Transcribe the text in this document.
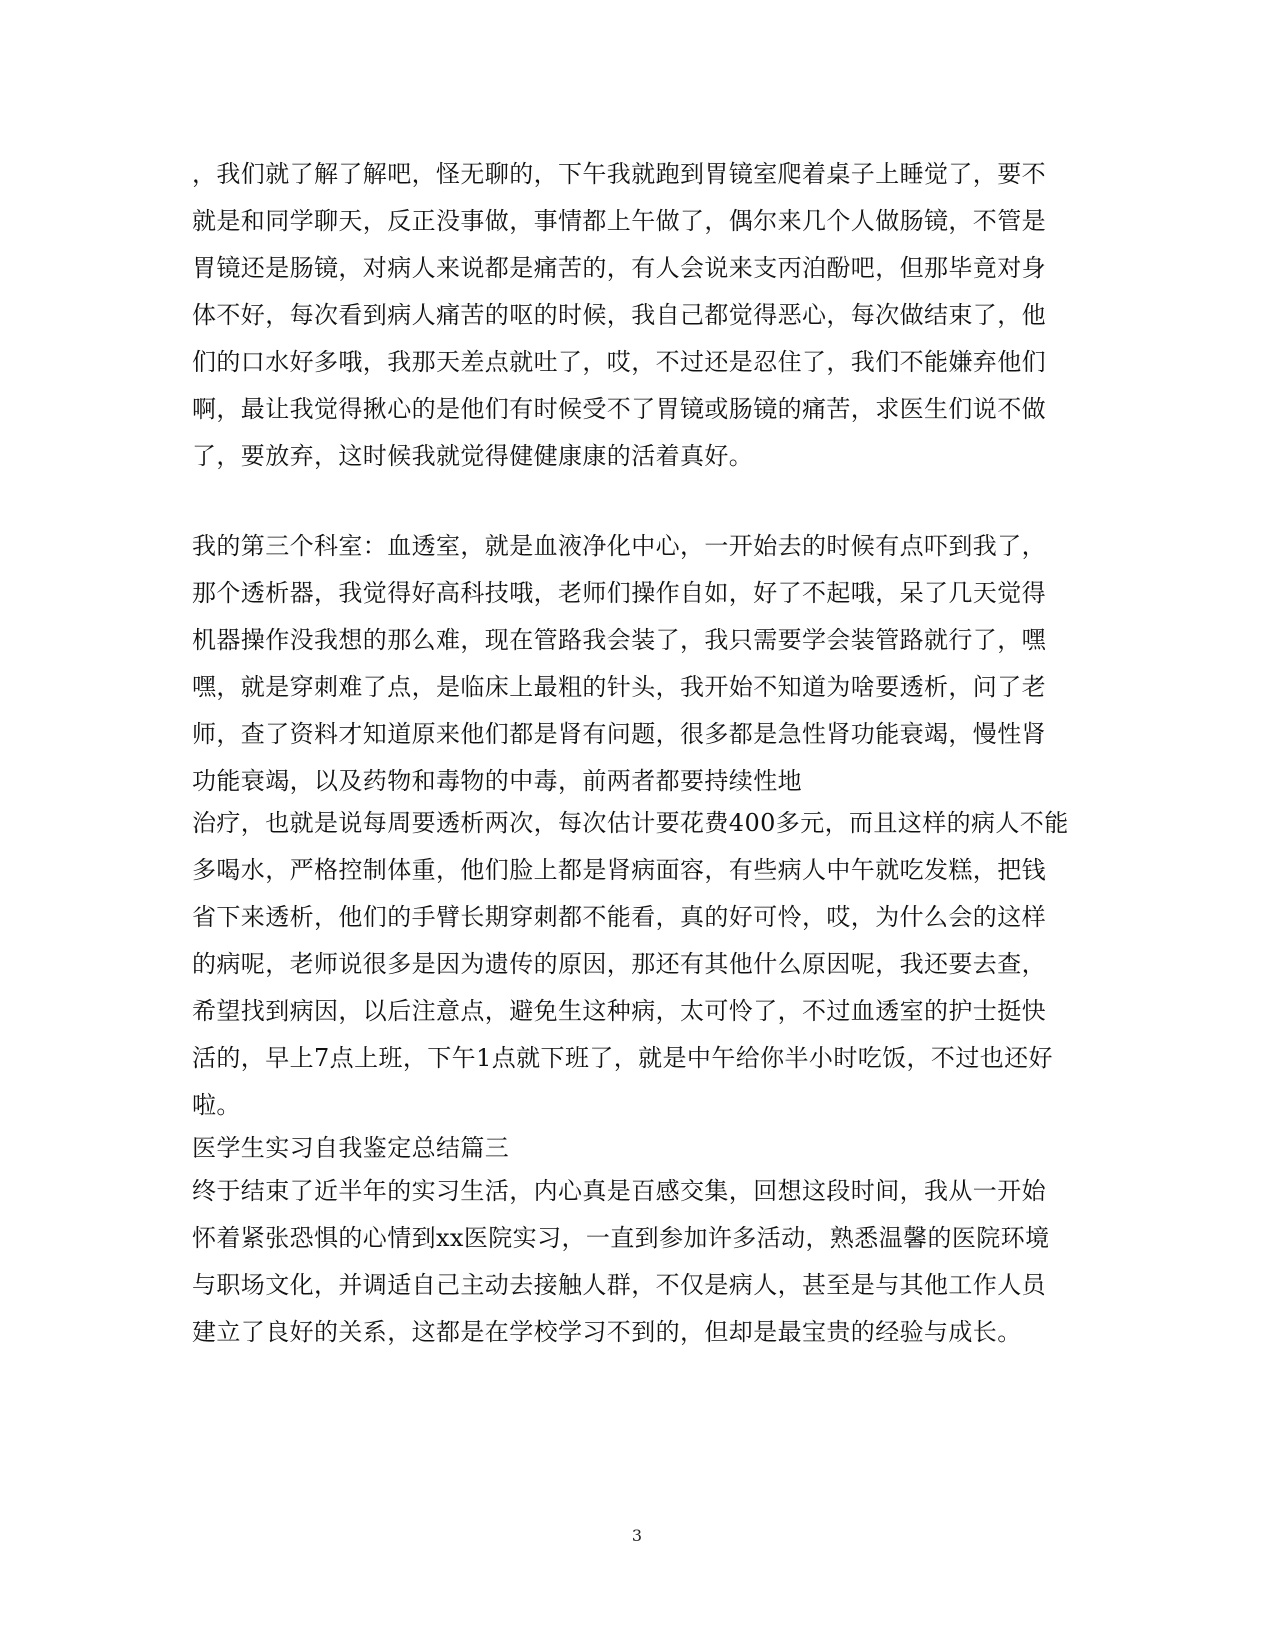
，我们就了解了解吧，怪无聊的，下午我就跑到胃镜室爬着桌子上睡觉了，要不
就是和同学聊天，反正没事做，事情都上午做了，偶尔来几个人做肠镜，不管是
胃镜还是肠镜，对病人来说都是痛苦的，有人会说来支丙泊酚吧，但那毕竟对身
体不好，每次看到病人痛苦的呕的时候，我自己都觉得恶心，每次做结束了，他
们的口水好多哦，我那天差点就吐了，哎，不过还是忍住了，我们不能嫌弃他们
啊，最让我觉得揪心的是他们有时候受不了胃镜或肠镜的痛苦，求医生们说不做
了，要放弃，这时候我就觉得健健康康的活着真好。
我的第三个科室：血透室，就是血液净化中心，一开始去的时候有点吓到我了，
那个透析器，我觉得好高科技哦，老师们操作自如，好了不起哦，呆了几天觉得
机器操作没我想的那么难，现在管路我会装了，我只需要学会装管路就行了，嘿
嘿，就是穿刺难了点，是临床上最粗的针头，我开始不知道为啥要透析，问了老
师，查了资料才知道原来他们都是肾有问题，很多都是急性肾功能衰竭，慢性肾
功能衰竭，以及药物和毒物的中毒，前两者都要持续性地
治疗，也就是说每周要透析两次，每次估计要花费400多元，而且这样的病人不能
多喝水，严格控制体重，他们脸上都是肾病面容，有些病人中午就吃发糕，把钱
省下来透析，他们的手臂长期穿刺都不能看，真的好可怜，哎，为什么会的这样
的病呢，老师说很多是因为遗传的原因，那还有其他什么原因呢，我还要去查，
希望找到病因，以后注意点，避免生这种病，太可怜了，不过血透室的护士挺快
活的，早上7点上班，下午1点就下班了，就是中午给你半小时吃饭，不过也还好
啦。
医学生实习自我鉴定总结篇三
终于结束了近半年的实习生活，内心真是百感交集，回想这段时间，我从一开始
怀着紧张恐惧的心情到xx医院实习，一直到参加许多活动，熟悉温馨的医院环境
与职场文化，并调适自己主动去接触人群，不仅是病人，甚至是与其他工作人员
建立了良好的关系，这都是在学校学习不到的，但却是最宝贵的经验与成长。
3
